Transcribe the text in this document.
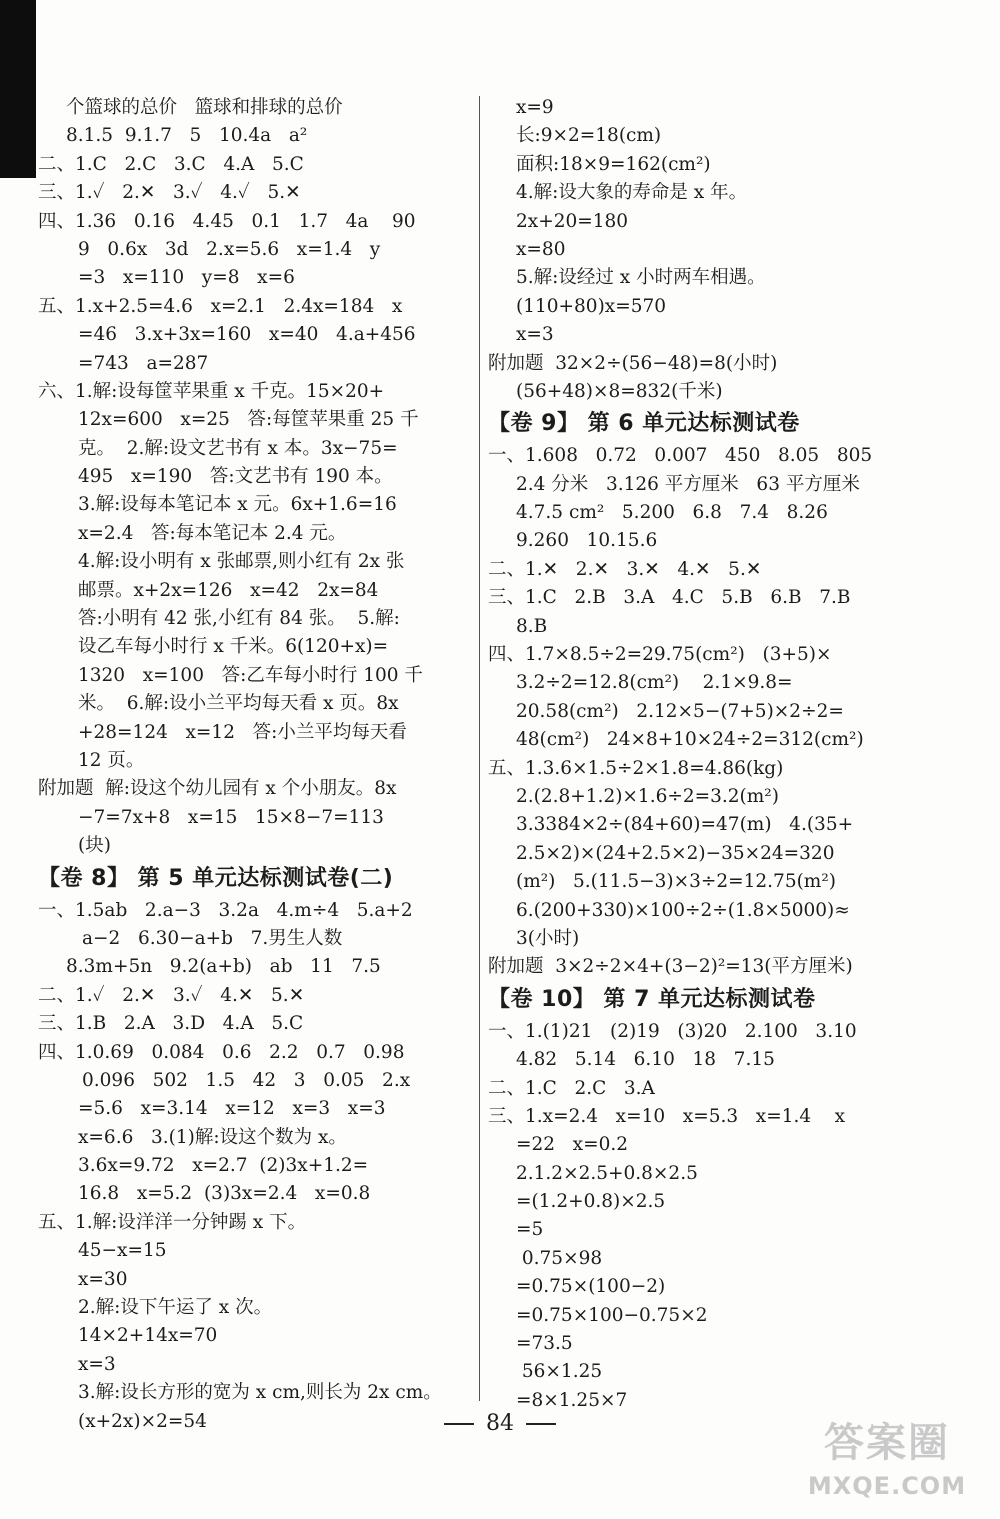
个篮球的总价   篮球和排球的总价
8.1.5  9.1.7   5   10.4a   a²
二、1.C   2.C   3.C   4.A   5.C
三、1.✓   2.✕   3.✓   4.✓   5.✕
四、1.36   0.16   4.45   0.1   1.7   4a    90
9   0.6x   3d   2.x=5.6   x=1.4   y
=3   x=110   y=8   x=6
五、1.x+2.5=4.6   x=2.1   2.4x=184   x
=46   3.x+3x=160   x=40   4.a+456
=743   a=287
六、1.解:设每筐苹果重 x 千克。15×20+
12x=600   x=25   答:每筐苹果重 25 千
克。  2.解:设文艺书有 x 本。3x−75=
495   x=190   答:文艺书有 190 本。
3.解:设每本笔记本 x 元。6x+1.6=16
x=2.4   答:每本笔记本 2.4 元。
4.解:设小明有 x 张邮票,则小红有 2x 张
邮票。x+2x=126   x=42   2x=84
答:小明有 42 张,小红有 84 张。  5.解:
设乙车每小时行 x 千米。6(120+x)=
1320   x=100   答:乙车每小时行 100 千
米。  6.解:设小兰平均每天看 x 页。8x
+28=124   x=12   答:小兰平均每天看
12 页。
附加题  解:设这个幼儿园有 x 个小朋友。8x
−7=7x+8   x=15   15×8−7=113
(块)
【卷 8】 第 5 单元达标测试卷(二)
一、1.5ab   2.a−3   3.2a   4.m÷4   5.a+2
a−2   6.30−a+b   7.男生人数
8.3m+5n   9.2(a+b)   ab   11   7.5
二、1.✓   2.✕   3.✓   4.✕   5.✕
三、1.B   2.A   3.D   4.A   5.C
四、1.0.69   0.084   0.6   2.2   0.7   0.98
0.096   502   1.5   42   3   0.05   2.x
=5.6   x=3.14   x=12   x=3   x=3
x=6.6   3.(1)解:设这个数为 x。
3.6x=9.72   x=2.7  (2)3x+1.2=
16.8   x=5.2  (3)3x=2.4   x=0.8
五、1.解:设洋洋一分钟踢 x 下。
45−x=15
x=30
2.解:设下午运了 x 次。
14×2+14x=70
x=3
3.解:设长方形的宽为 x cm,则长为 2x cm。
(x+2x)×2=54
x=9
长:9×2=18(cm)
面积:18×9=162(cm²)
4.解:设大象的寿命是 x 年。
2x+20=180
x=80
5.解:设经过 x 小时两车相遇。
(110+80)x=570
x=3
附加题  32×2÷(56−48)=8(小时)
(56+48)×8=832(千米)
【卷 9】 第 6 单元达标测试卷
一、1.608   0.72   0.007   450   8.05   805
2.4 分米   3.126 平方厘米   63 平方厘米
4.7.5 cm²   5.200   6.8   7.4   8.26
9.260   10.15.6
二、1.✕   2.✕   3.✕   4.✕   5.✕
三、1.C   2.B   3.A   4.C   5.B   6.B   7.B
8.B
四、1.7×8.5÷2=29.75(cm²)   (3+5)×
3.2÷2=12.8(cm²)    2.1×9.8=
20.58(cm²)   2.12×5−(7+5)×2÷2=
48(cm²)   24×8+10×24÷2=312(cm²)
五、1.3.6×1.5÷2×1.8=4.86(kg)
2.(2.8+1.2)×1.6÷2=3.2(m²)
3.3384×2÷(84+60)=47(m)   4.(35+
2.5×2)×(24+2.5×2)−35×24=320
(m²)   5.(11.5−3)×3÷2=12.75(m²)
6.(200+330)×100÷2÷(1.8×5000)≈
3(小时)
附加题  3×2÷2×4+(3−2)²=13(平方厘米)
【卷 10】 第 7 单元达标测试卷
一、1.(1)21   (2)19   (3)20   2.100   3.10
4.82   5.14   6.10   18   7.15
二、1.C   2.C   3.A
三、1.x=2.4   x=10   x=5.3   x=1.4    x
=22   x=0.2
2.1.2×2.5+0.8×2.5
=(1.2+0.8)×2.5
=5
0.75×98
=0.75×(100−2)
=0.75×100−0.75×2
=73.5
56×1.25
=8×1.25×7
84	答案圈
MXQE.COM
